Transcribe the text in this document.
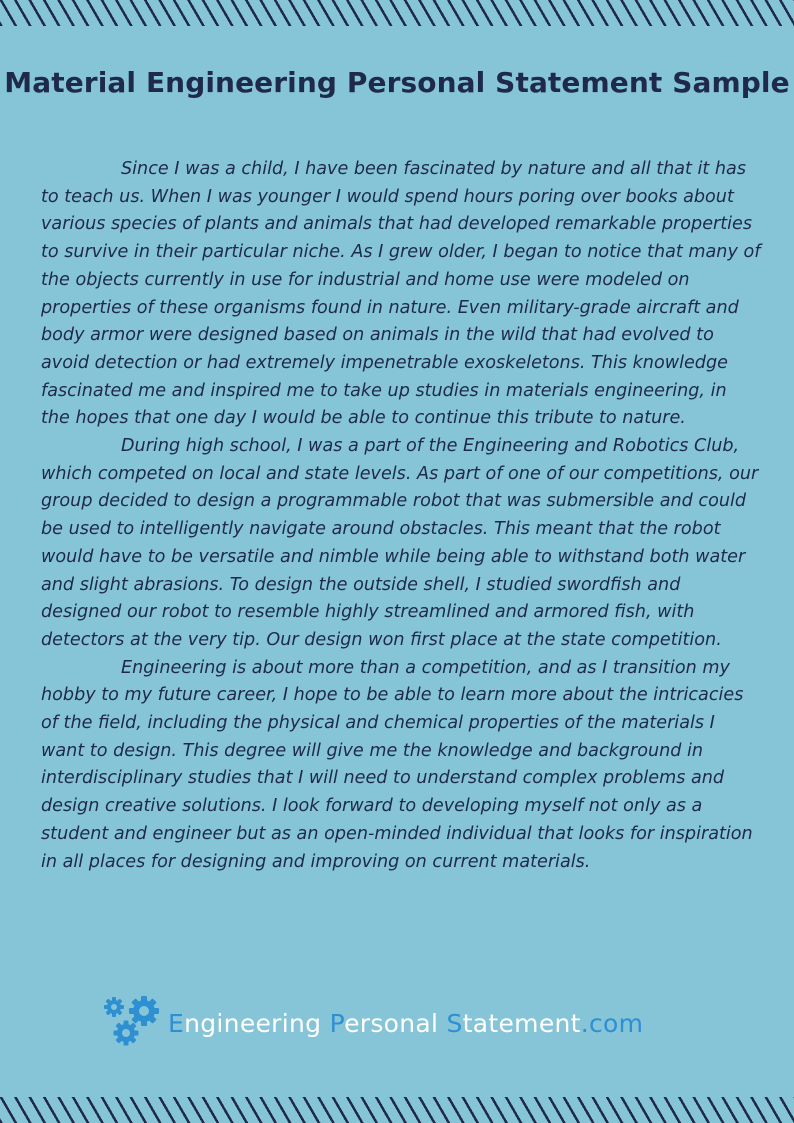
Material Engineering Personal Statement Sample

Since I was a child, I have been fascinated by nature and all that it has to teach us. When I was younger I would spend hours poring over books about various species of plants and animals that had developed remarkable properties to survive in their particular niche. As I grew older, I began to notice that many of the objects currently in use for industrial and home use were modeled on properties of these organisms found in nature. Even military-grade aircraft and body armor were designed based on animals in the wild that had evolved to avoid detection or had extremely impenetrable exoskeletons. This knowledge fascinated me and inspired me to take up studies in materials engineering, in the hopes that one day I would be able to continue this tribute to nature.

During high school, I was a part of the Engineering and Robotics Club, which competed on local and state levels. As part of one of our competitions, our group decided to design a programmable robot that was submersible and could be used to intelligently navigate around obstacles. This meant that the robot would have to be versatile and nimble while being able to withstand both water and slight abrasions. To design the outside shell, I studied swordfish and designed our robot to resemble highly streamlined and armored fish, with detectors at the very tip. Our design won first place at the state competition.

Engineering is about more than a competition, and as I transition my hobby to my future career, I hope to be able to learn more about the intricacies of the field, including the physical and chemical properties of the materials I want to design. This degree will give me the knowledge and background in interdisciplinary studies that I will need to understand complex problems and design creative solutions. I look forward to developing myself not only as a student and engineer but as an open-minded individual that looks for inspiration in all places for designing and improving on current materials.

Engineering Personal Statement.com
